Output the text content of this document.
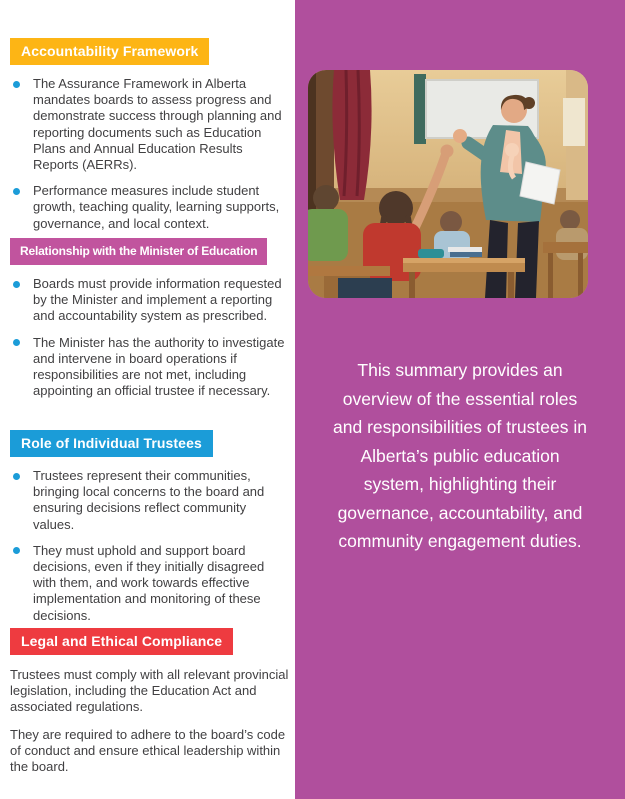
Accountability Framework
The Assurance Framework in Alberta mandates boards to assess progress and demonstrate success through planning and reporting documents such as Education Plans and Annual Education Results Reports (AERRs).
Performance measures include student growth, teaching quality, learning supports, governance, and local context.
Relationship with the Minister of Education
Boards must provide information requested by the Minister and implement a reporting and accountability system as prescribed.
The Minister has the authority to investigate and intervene in board operations if responsibilities are not met, including appointing an official trustee if necessary.
Role of Individual Trustees
Trustees represent their communities, bringing local concerns to the board and ensuring decisions reflect community values.
They must uphold and support board decisions, even if they initially disagreed with them, and work towards effective implementation and monitoring of these decisions.
Legal and Ethical Compliance

Trustees must comply with all relevant provincial legislation, including the Education Act and associated regulations.

They are required to adhere to the board’s code of conduct and ensure ethical leadership within the board.

This summary provides an overview of the essential roles and responsibilities of trustees in Alberta’s public education system, highlighting their governance, accountability, and community engagement duties.
